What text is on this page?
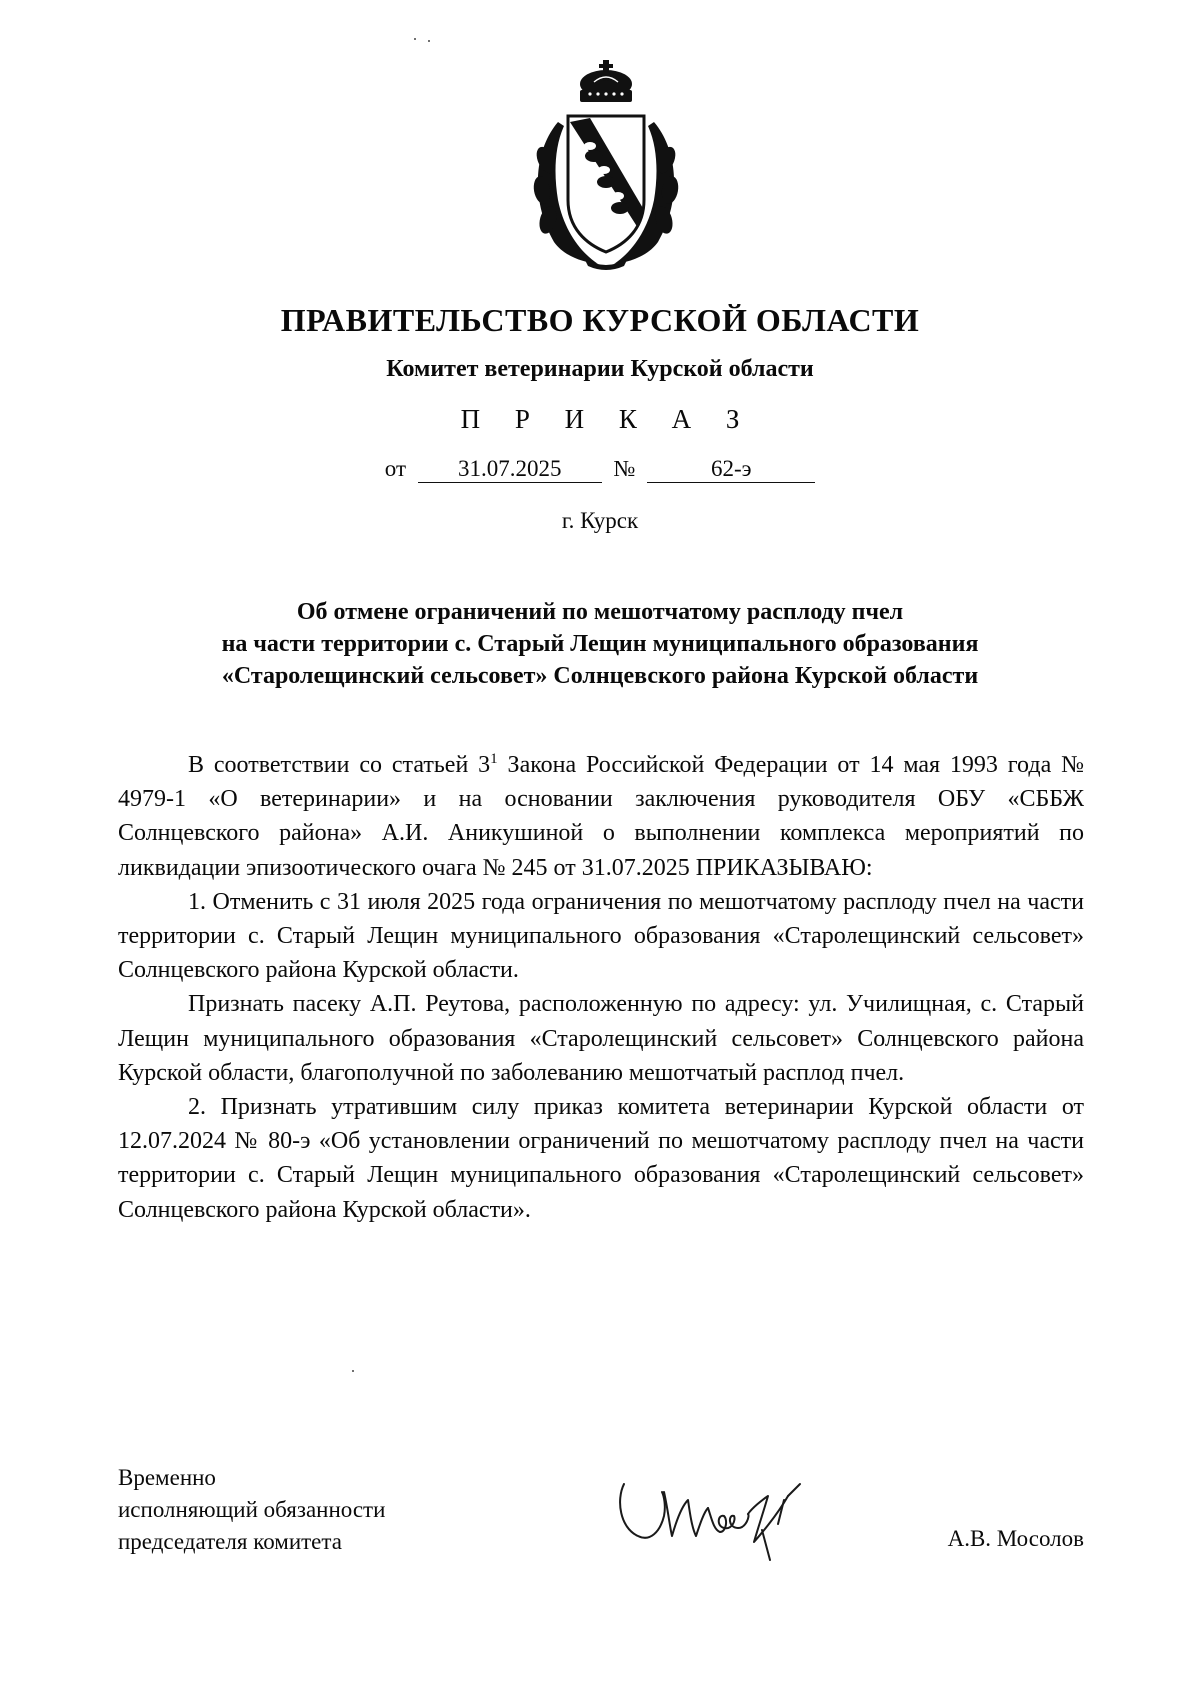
ПРАВИТЕЛЬСТВО КУРСКОЙ ОБЛАСТИ
Комитет ветеринарии Курской области
П Р И К А З
от 31.07.2025 №	62-э
г. Курск
Об отмене ограничений по мешотчатому расплоду пчел
на части территории с. Старый Лещин муниципального образования
«Старолещинский сельсовет» Солнцевского района Курской области

В соответствии со статьей $3^1$ Закона Российской Федерации от 14 мая 1993 года № 4979-1 «О ветеринарии» и на основании заключения руководителя ОБУ «СББЖ Солнцевского района» А.И. Аникушиной о выполнении комплекса мероприятий по ликвидации эпизоотического очага № 245 от 31.07.2025 ПРИКАЗЫВАЮ:

1. Отменить с 31 июля 2025 года ограничения по мешотчатому расплоду пчел на части территории с. Старый Лещин муниципального образования «Старолещинский сельсовет» Солнцевского района Курской области.

Признать пасеку А.П. Реутова, расположенную по адресу: ул. Училищная, с. Старый Лещин муниципального образования «Старолещинский сельсовет» Солнцевского района Курской области, благополучной по заболеванию мешотчатый расплод пчел.

2. Признать утратившим силу приказ комитета ветеринарии Курской области от 12.07.2024 № 80-э «Об установлении ограничений по мешотчатому расплоду пчел на части территории с. Старый Лещин муниципального образования «Старолещинский сельсовет» Солнцевского района Курской области».

Временно
исполняющий обязанности
председателя комитета	А.В. Мосолов
